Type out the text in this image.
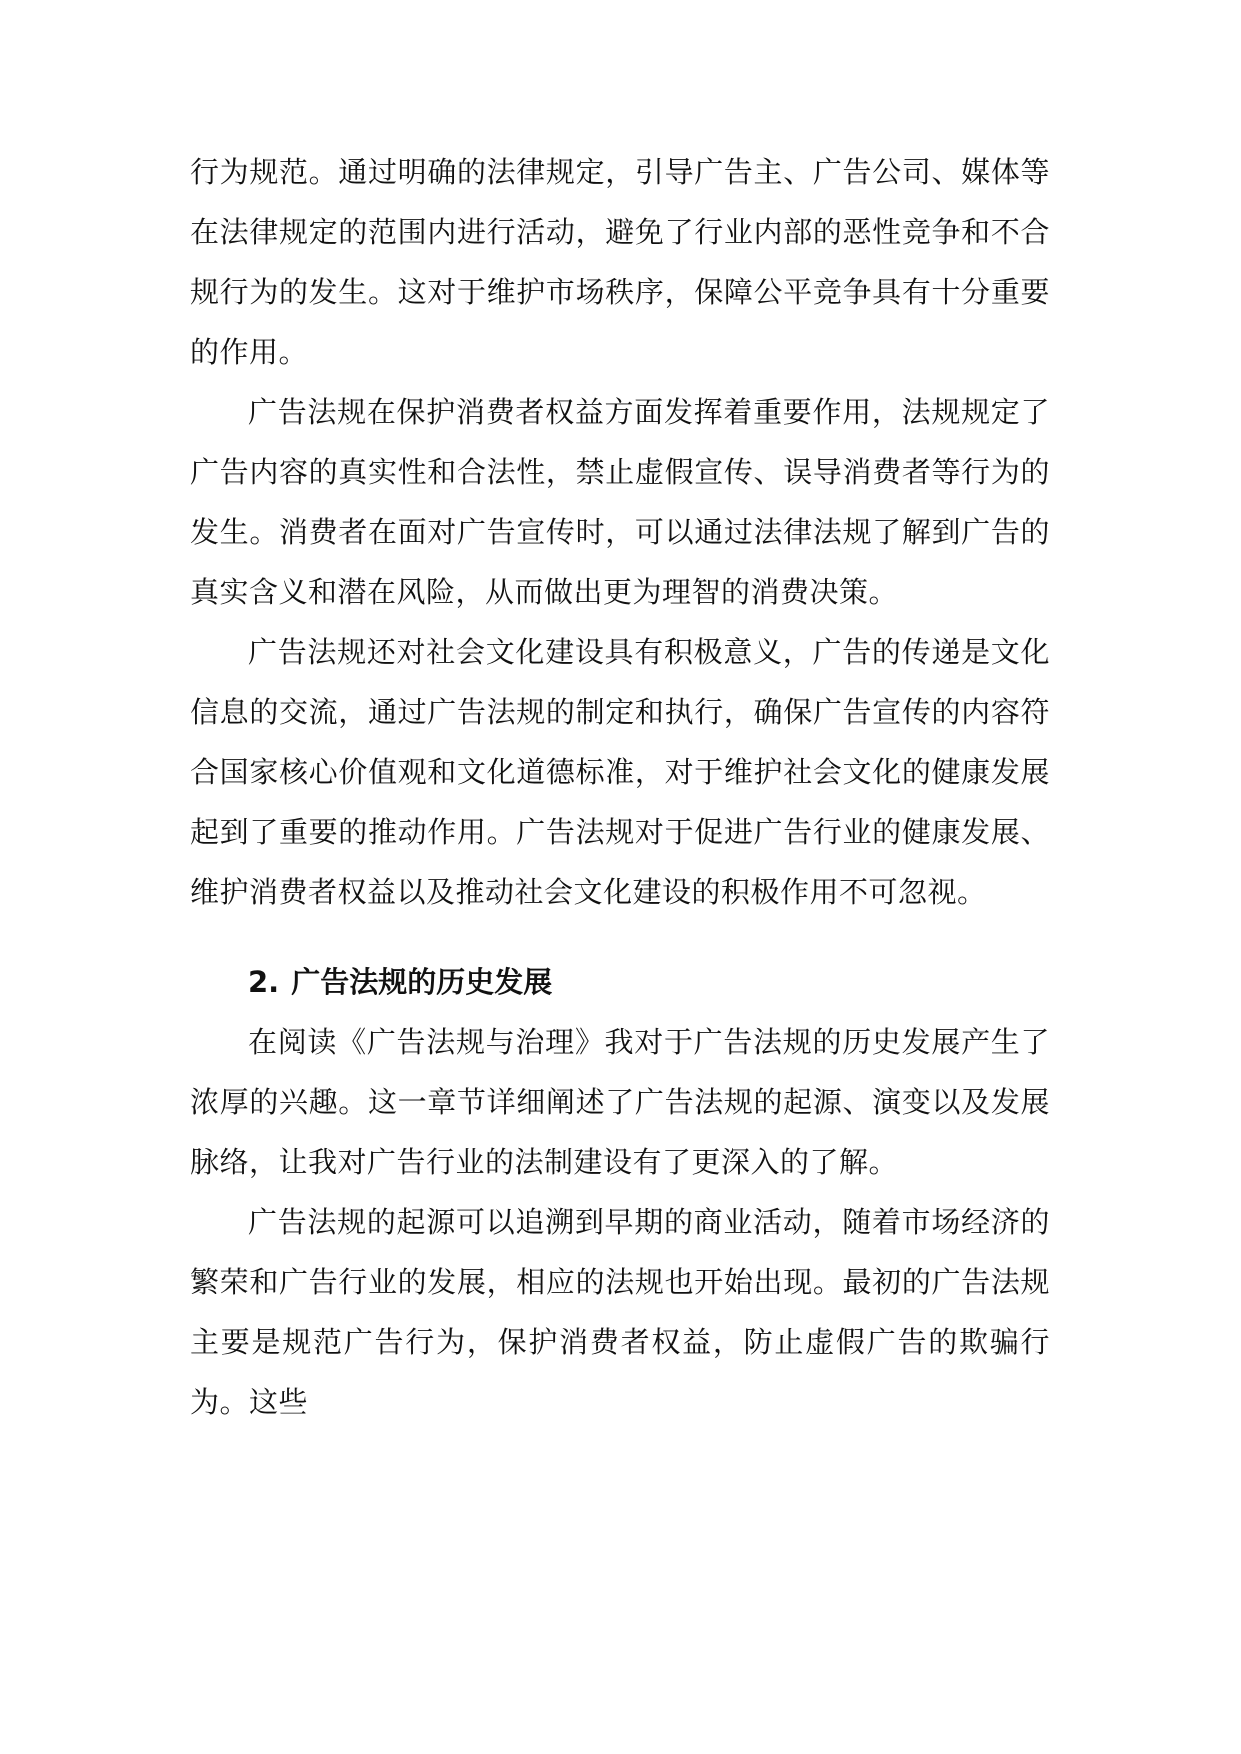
行为规范。通过明确的法律规定，引导广告主、广告公司、媒体等在法律规定的范围内进行活动，避免了行业内部的恶性竞争和不合规行为的发生。这对于维护市场秩序，保障公平竞争具有十分重要的作用。

广告法规在保护消费者权益方面发挥着重要作用，法规规定了广告内容的真实性和合法性，禁止虚假宣传、误导消费者等行为的发生。消费者在面对广告宣传时，可以通过法律法规了解到广告的真实含义和潜在风险，从而做出更为理智的消费决策。

广告法规还对社会文化建设具有积极意义，广告的传递是文化信息的交流，通过广告法规的制定和执行，确保广告宣传的内容符合国家核心价值观和文化道德标准，对于维护社会文化的健康发展起到了重要的推动作用。广告法规对于促进广告行业的健康发展、维护消费者权益以及推动社会文化建设的积极作用不可忽视。

2. 广告法规的历史发展

在阅读《广告法规与治理》我对于广告法规的历史发展产生了浓厚的兴趣。这一章节详细阐述了广告法规的起源、演变以及发展脉络，让我对广告行业的法制建设有了更深入的了解。

广告法规的起源可以追溯到早期的商业活动，随着市场经济的繁荣和广告行业的发展，相应的法规也开始出现。最初的广告法规主要是规范广告行为，保护消费者权益，防止虚假广告的欺骗行为。这些
